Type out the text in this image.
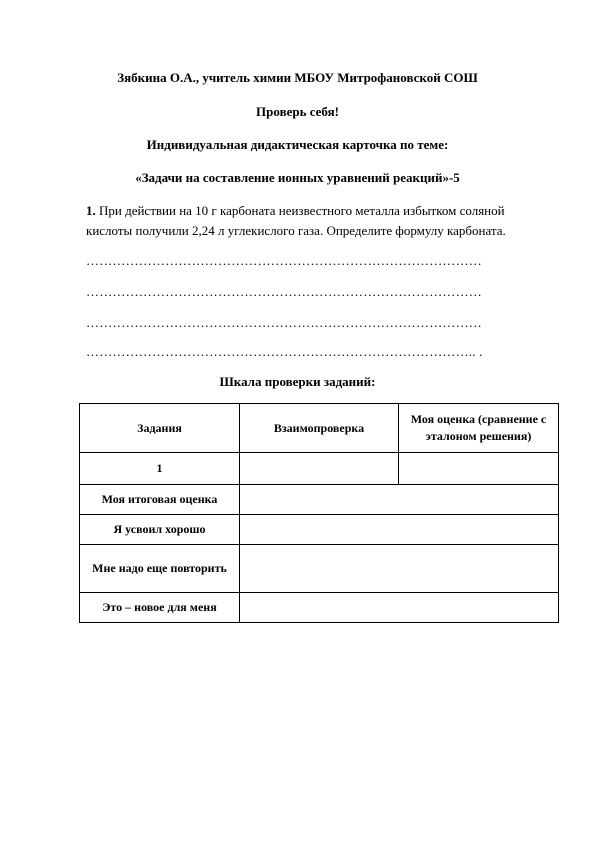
Зябкина О.А., учитель химии МБОУ Митрофановской СОШ
Проверь себя!
Индивидуальная дидактическая карточка по теме:
«Задачи на составление ионных уравнений реакций»-5
1. При действии на 10 г карбоната неизвестного металла избытком соляной кислоты получили 2,24 л углекислого газа. Определите формулу карбоната.
………………………………………………………………………………
………………………………………………………………………………
………………………………………………………………………………
…………………………………………………………………………….. .
Шкала проверки заданий:
Задания	Взаимопроверка	Моя оценка (сравнение с эталоном решения)
1		
Моя итоговая оценка		
Я усвоил хорошо		
Мне надо еще повторить		
Это – новое для меня		
